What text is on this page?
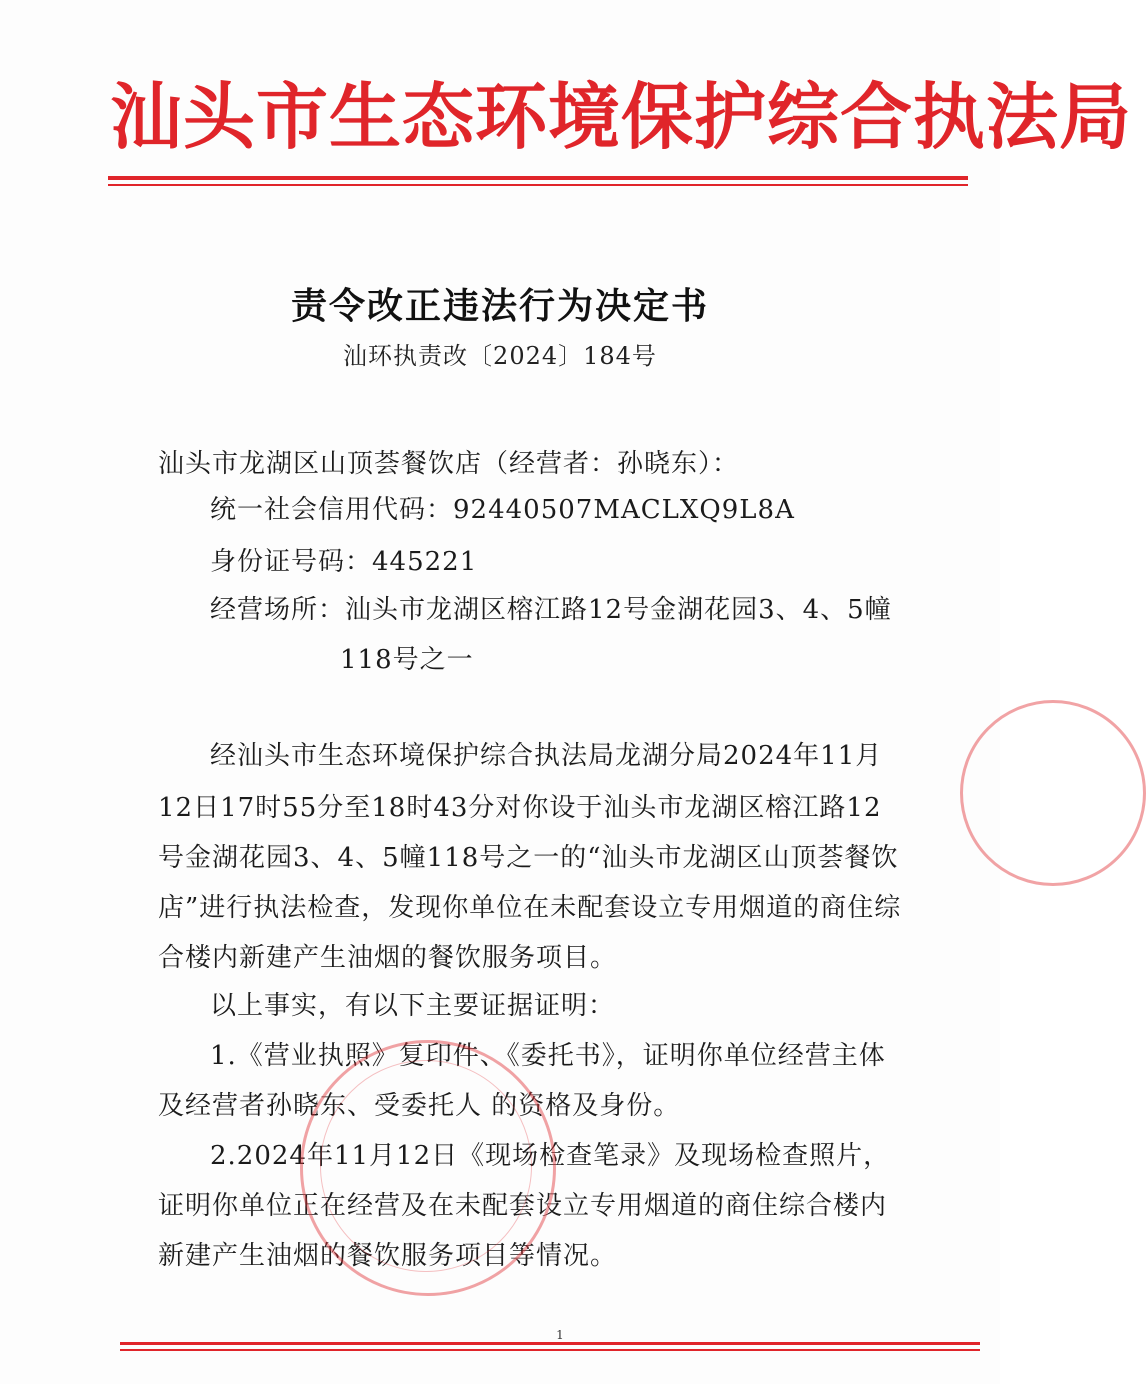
汕头市生态环境保护综合执法局
责令改正违法行为决定书
汕环执责改〔2024〕184号
汕头市龙湖区山顶荟餐饮店（经营者：孙晓东）：
统一社会信用代码：92440507MACLXQ9L8A
身份证号码：445221
经营场所：汕头市龙湖区榕江路12号金湖花园3、4、5幢
118号之一
经汕头市生态环境保护综合执法局龙湖分局2024年11月
12日17时55分至18时43分对你设于汕头市龙湖区榕江路12
号金湖花园3、4、5幢118号之一的“汕头市龙湖区山顶荟餐饮
店”进行执法检查，发现你单位在未配套设立专用烟道的商住综
合楼内新建产生油烟的餐饮服务项目。
以上事实，有以下主要证据证明：
1.《营业执照》复印件、《委托书》，证明你单位经营主体
及经营者孙晓东、受委托人 的资格及身份。
2.2024年11月12日《现场检查笔录》及现场检查照片，
证明你单位正在经营及在未配套设立专用烟道的商住综合楼内
新建产生油烟的餐饮服务项目等情况。
1
